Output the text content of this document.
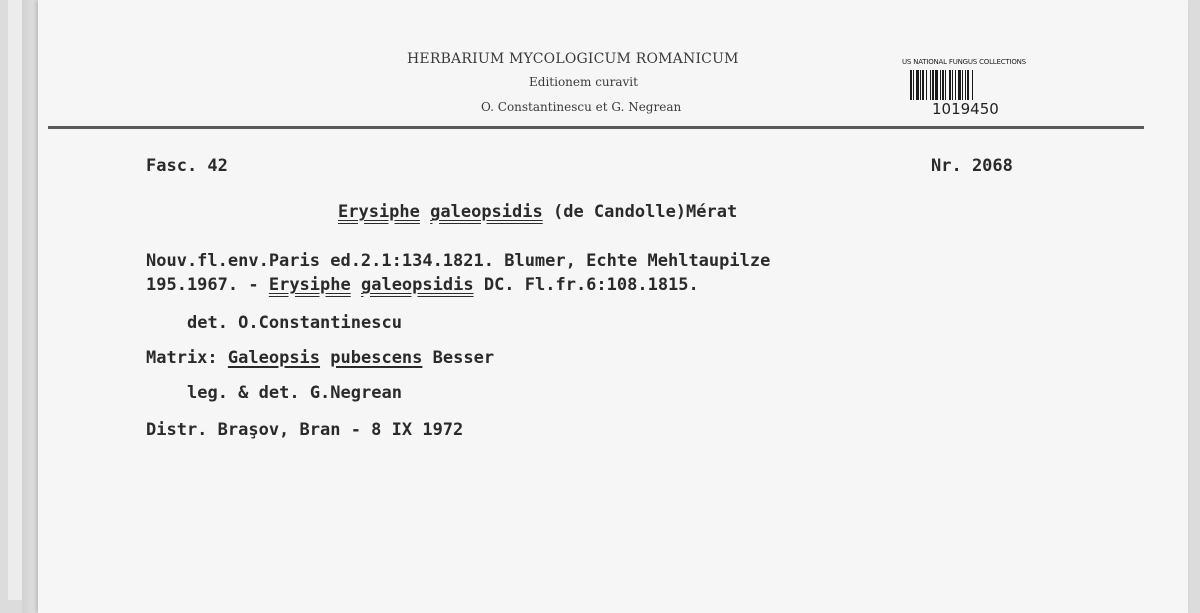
HERBARIUM MYCOLOGICUM ROMANICUM
Editionem curavit
O. Constantinescu et G. Negrean
US NATIONAL FUNGUS COLLECTIONS
1019450
Fasc. 42	Nr. 2068
Erysiphe galeopsidis (de Candolle)Mérat
Nouv.fl.env.Paris ed.2.1:134.1821. Blumer, Echte Mehltaupilze
195.1967. - Erysiphe galeopsidis DC. Fl.fr.6:108.1815.
det. O.Constantinescu
Matrix: Galeopsis pubescens Besser
leg. & det. G.Negrean
Distr. Braşov, Bran - 8 IX 1972
